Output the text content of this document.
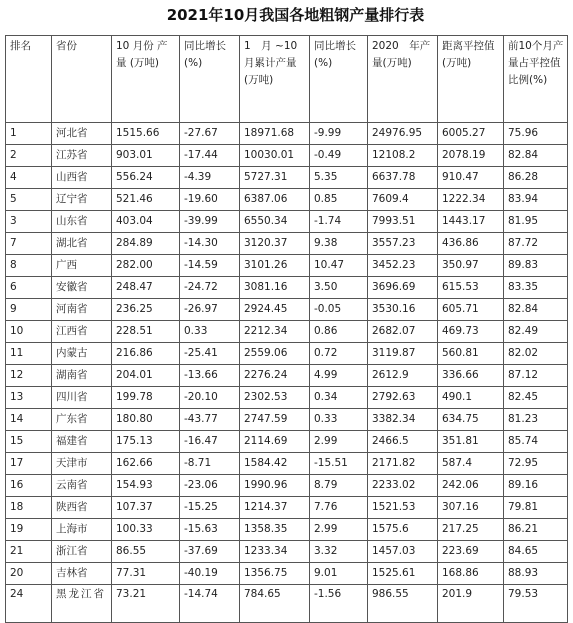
2021年10月我国各地粗钢产量排行表
排名	省份	10 月份 产　量 (万吨)	同比增长(%)	1　月 ~10 月累计产量(万吨)	同比增长(%)	2020　年产量(万吨)	距离平控值(万吨)	前10个月产量占平控值比例(%)
1	河北省	1515.66	-27.67	18971.68	-9.99	24976.95	6005.27	75.96
2	江苏省	903.01	-17.44	10030.01	-0.49	12108.2	2078.19	82.84
4	山西省	556.24	-4.39	5727.31	5.35	6637.78	910.47	86.28
5	辽宁省	521.46	-19.60	6387.06	0.85	7609.4	1222.34	83.94
3	山东省	403.04	-39.99	6550.34	-1.74	7993.51	1443.17	81.95
7	湖北省	284.89	-14.30	3120.37	9.38	3557.23	436.86	87.72
8	广西	282.00	-14.59	3101.26	10.47	3452.23	350.97	89.83
6	安徽省	248.47	-24.72	3081.16	3.50	3696.69	615.53	83.35
9	河南省	236.25	-26.97	2924.45	-0.05	3530.16	605.71	82.84
10	江西省	228.51	0.33	2212.34	0.86	2682.07	469.73	82.49
11	内蒙古	216.86	-25.41	2559.06	0.72	3119.87	560.81	82.02
12	湖南省	204.01	-13.66	2276.24	4.99	2612.9	336.66	87.12
13	四川省	199.78	-20.10	2302.53	0.34	2792.63	490.1	82.45
14	广东省	180.80	-43.77	2747.59	0.33	3382.34	634.75	81.23
15	福建省	175.13	-16.47	2114.69	2.99	2466.5	351.81	85.74
17	天津市	162.66	-8.71	1584.42	-15.51	2171.82	587.4	72.95
16	云南省	154.93	-23.06	1990.96	8.79	2233.02	242.06	89.16
18	陕西省	107.37	-15.25	1214.37	7.76	1521.53	307.16	79.81
19	上海市	100.33	-15.63	1358.35	2.99	1575.6	217.25	86.21
21	浙江省	86.55	-37.69	1233.34	3.32	1457.03	223.69	84.65
20	吉林省	77.31	-40.19	1356.75	9.01	1525.61	168.86	88.93
24	黑龙江省	73.21	-14.74	784.65	-1.56	986.55	201.9	79.53
